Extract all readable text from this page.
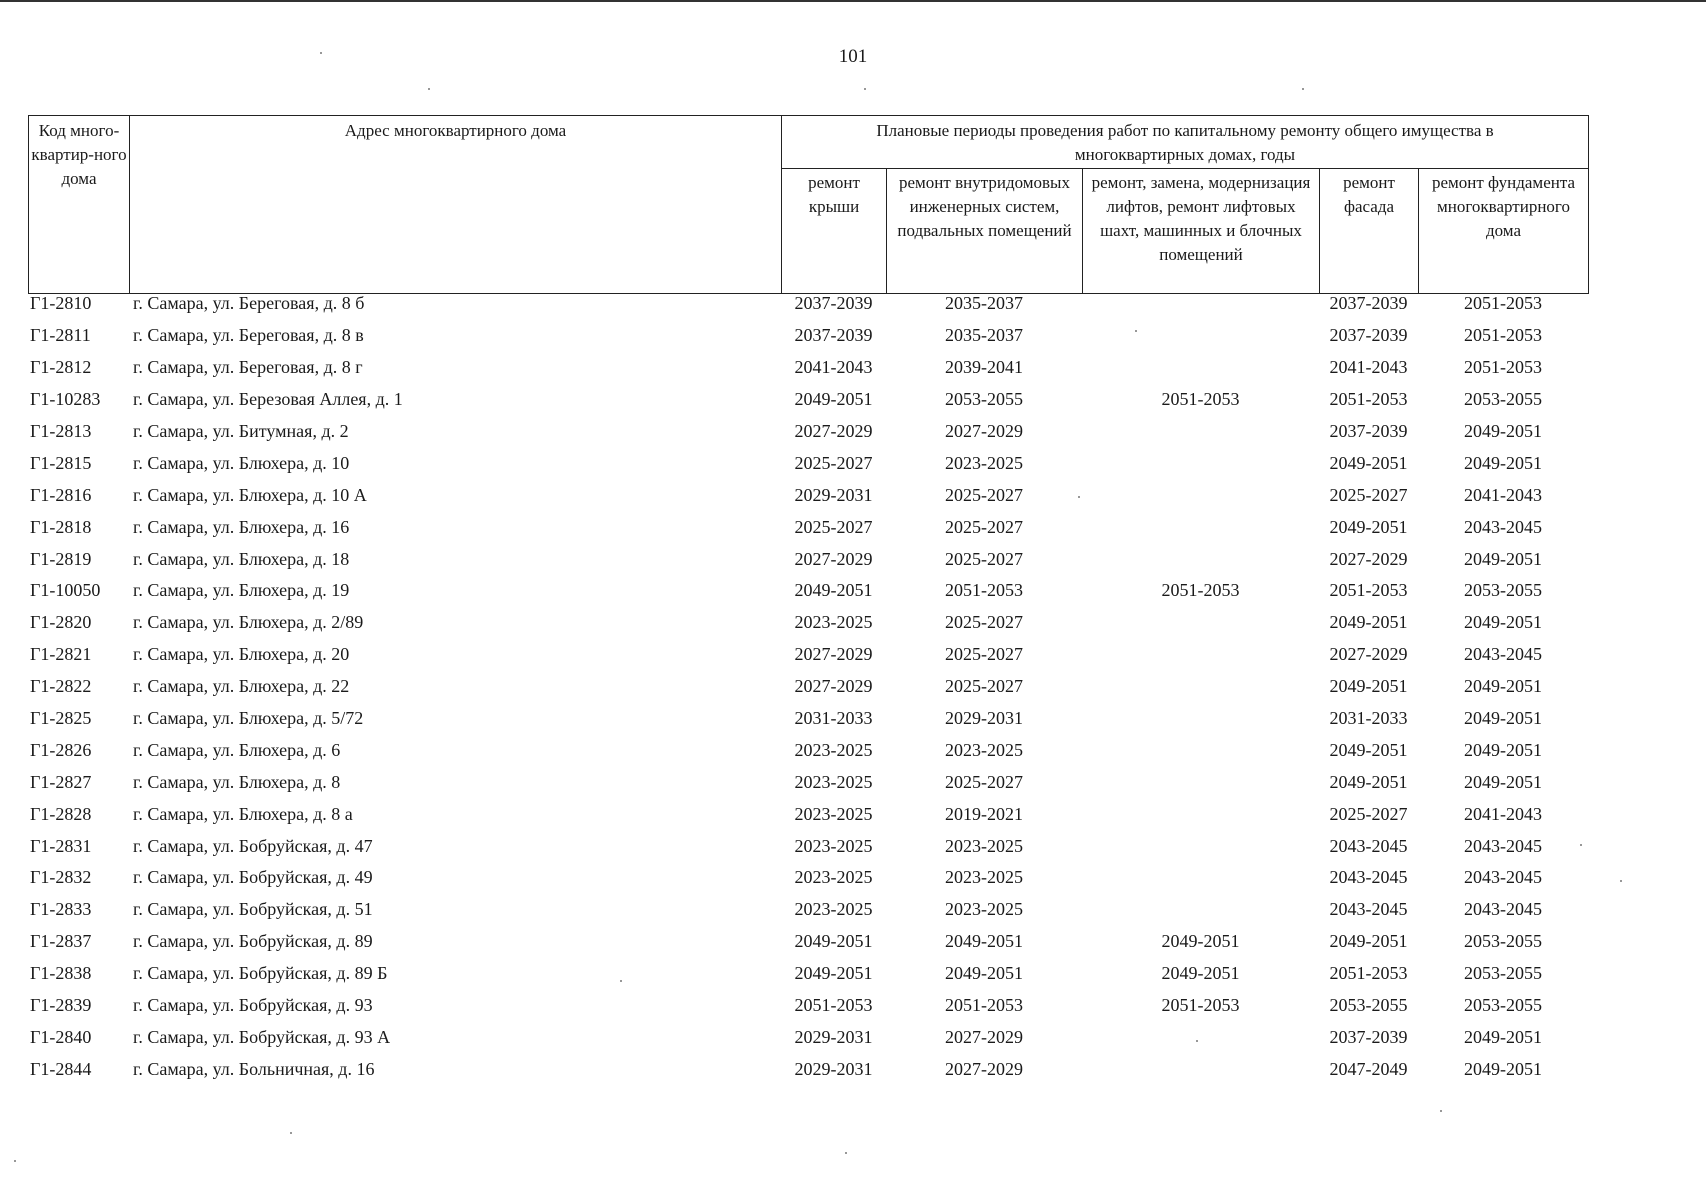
101
Код много-квартир-ного дома	Адрес многоквартирного дома	Плановые периоды проведения работ по капитальному ремонту общего имущества в многоквартирных домах, годы				
		ремонт крыши	ремонт внутридомовых инженерных систем, подвальных помещений	ремонт, замена, модернизация лифтов, ремонт лифтовых шахт, машинных и блочных помещений	ремонт фасада	ремонт фундамента многоквартирного дома
Г1-2810	г. Самара, ул. Береговая, д. 8 б	2037-2039	2035-2037		2037-2039	2051-2053
Г1-2811	г. Самара, ул. Береговая, д. 8 в	2037-2039	2035-2037		2037-2039	2051-2053
Г1-2812	г. Самара, ул. Береговая, д. 8 г	2041-2043	2039-2041		2041-2043	2051-2053
Г1-10283	г. Самара, ул. Березовая Аллея, д. 1	2049-2051	2053-2055	2051-2053	2051-2053	2053-2055
Г1-2813	г. Самара, ул. Битумная, д. 2	2027-2029	2027-2029		2037-2039	2049-2051
Г1-2815	г. Самара, ул. Блюхера, д. 10	2025-2027	2023-2025		2049-2051	2049-2051
Г1-2816	г. Самара, ул. Блюхера, д. 10 А	2029-2031	2025-2027		2025-2027	2041-2043
Г1-2818	г. Самара, ул. Блюхера, д. 16	2025-2027	2025-2027		2049-2051	2043-2045
Г1-2819	г. Самара, ул. Блюхера, д. 18	2027-2029	2025-2027		2027-2029	2049-2051
Г1-10050	г. Самара, ул. Блюхера, д. 19	2049-2051	2051-2053	2051-2053	2051-2053	2053-2055
Г1-2820	г. Самара, ул. Блюхера, д. 2/89	2023-2025	2025-2027		2049-2051	2049-2051
Г1-2821	г. Самара, ул. Блюхера, д. 20	2027-2029	2025-2027		2027-2029	2043-2045
Г1-2822	г. Самара, ул. Блюхера, д. 22	2027-2029	2025-2027		2049-2051	2049-2051
Г1-2825	г. Самара, ул. Блюхера, д. 5/72	2031-2033	2029-2031		2031-2033	2049-2051
Г1-2826	г. Самара, ул. Блюхера, д. 6	2023-2025	2023-2025		2049-2051	2049-2051
Г1-2827	г. Самара, ул. Блюхера, д. 8	2023-2025	2025-2027		2049-2051	2049-2051
Г1-2828	г. Самара, ул. Блюхера, д. 8 а	2023-2025	2019-2021		2025-2027	2041-2043
Г1-2831	г. Самара, ул. Бобруйская, д. 47	2023-2025	2023-2025		2043-2045	2043-2045
Г1-2832	г. Самара, ул. Бобруйская, д. 49	2023-2025	2023-2025		2043-2045	2043-2045
Г1-2833	г. Самара, ул. Бобруйская, д. 51	2023-2025	2023-2025		2043-2045	2043-2045
Г1-2837	г. Самара, ул. Бобруйская, д. 89	2049-2051	2049-2051	2049-2051	2049-2051	2053-2055
Г1-2838	г. Самара, ул. Бобруйская, д. 89 Б	2049-2051	2049-2051	2049-2051	2051-2053	2053-2055
Г1-2839	г. Самара, ул. Бобруйская, д. 93	2051-2053	2051-2053	2051-2053	2053-2055	2053-2055
Г1-2840	г. Самара, ул. Бобруйская, д. 93 А	2029-2031	2027-2029		2037-2039	2049-2051
Г1-2844	г. Самара, ул. Больничная, д. 16	2029-2031	2027-2029		2047-2049	2049-2051
